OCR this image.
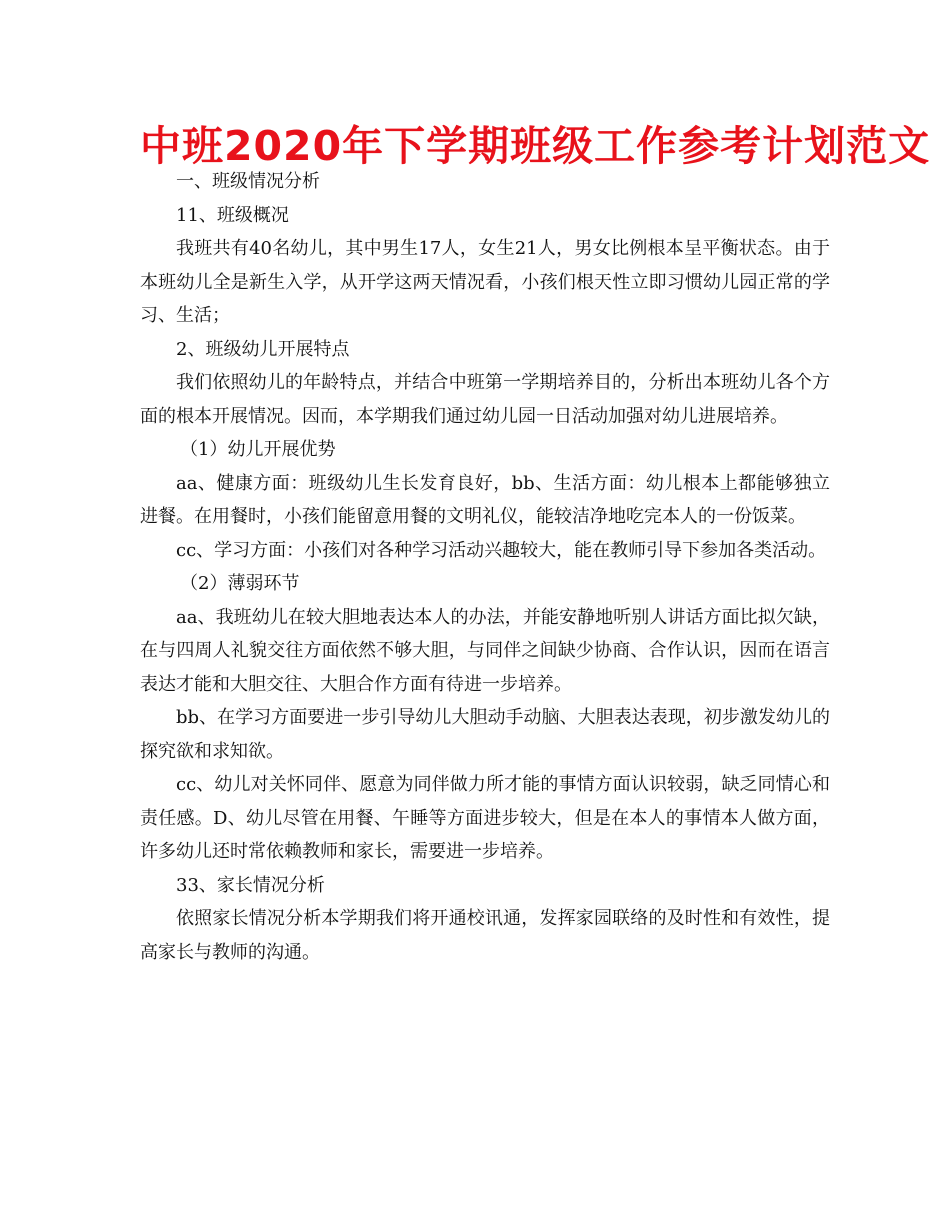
中班2020年下学期班级工作参考计划范文

一、班级情况分析

11、班级概况

我班共有40名幼儿，其中男生17人，女生21人，男女比例根本呈平衡状态。由于本班幼儿全是新生入学，从开学这两天情况看，小孩们根天性立即习惯幼儿园正常的学习、生活；

2、班级幼儿开展特点

我们依照幼儿的年龄特点，并结合中班第一学期培养目的，分析出本班幼儿各个方面的根本开展情况。因而，本学期我们通过幼儿园一日活动加强对幼儿进展培养。

（1）幼儿开展优势

aa、健康方面：班级幼儿生长发育良好，bb、生活方面：幼儿根本上都能够独立进餐。在用餐时，小孩们能留意用餐的文明礼仪，能较洁净地吃完本人的一份饭菜。

cc、学习方面：小孩们对各种学习活动兴趣较大，能在教师引导下参加各类活动。

（2）薄弱环节

aa、我班幼儿在较大胆地表达本人的办法，并能安静地听别人讲话方面比拟欠缺，在与四周人礼貌交往方面依然不够大胆，与同伴之间缺少协商、合作认识，因而在语言表达才能和大胆交往、大胆合作方面有待进一步培养。

bb、在学习方面要进一步引导幼儿大胆动手动脑、大胆表达表现，初步激发幼儿的探究欲和求知欲。

cc、幼儿对关怀同伴、愿意为同伴做力所才能的事情方面认识较弱，缺乏同情心和责任感。D、幼儿尽管在用餐、午睡等方面进步较大，但是在本人的事情本人做方面，许多幼儿还时常依赖教师和家长，需要进一步培养。

33、家长情况分析

依照家长情况分析本学期我们将开通校讯通，发挥家园联络的及时性和有效性，提高家长与教师的沟通。
